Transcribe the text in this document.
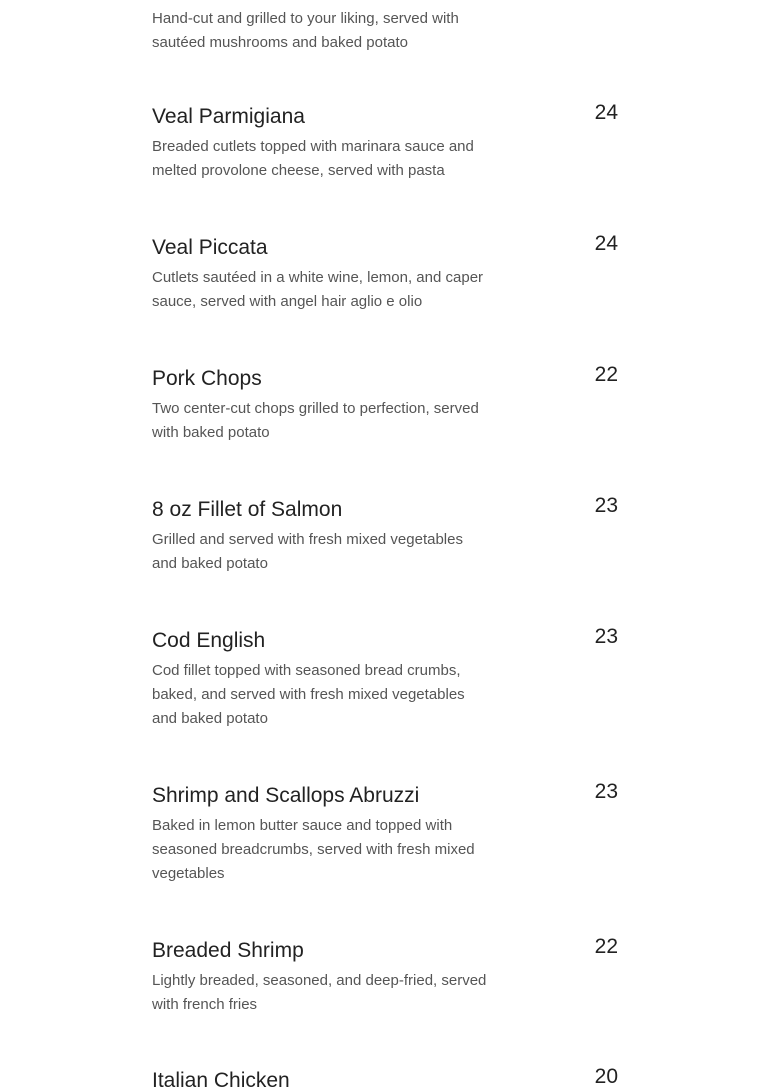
Hand-cut and grilled to your liking, served with sautéed mushrooms and baked potato

Veal Parmigiana	24

Breaded cutlets topped with marinara sauce and melted provolone cheese, served with pasta

Veal Piccata	24

Cutlets sautéed in a white wine, lemon, and caper sauce, served with angel hair aglio e olio

Pork Chops	22

Two center-cut chops grilled to perfection, served with baked potato

8 oz Fillet of Salmon	23

Grilled and served with fresh mixed vegetables and baked potato

Cod English	23

Cod fillet topped with seasoned bread crumbs, baked, and served with fresh mixed vegetables and baked potato

Shrimp and Scallops Abruzzi	23

Baked in lemon butter sauce and topped with seasoned breadcrumbs, served with fresh mixed vegetables

Breaded Shrimp	22

Lightly breaded, seasoned, and deep-fried, served with french fries

Italian Chicken	20
